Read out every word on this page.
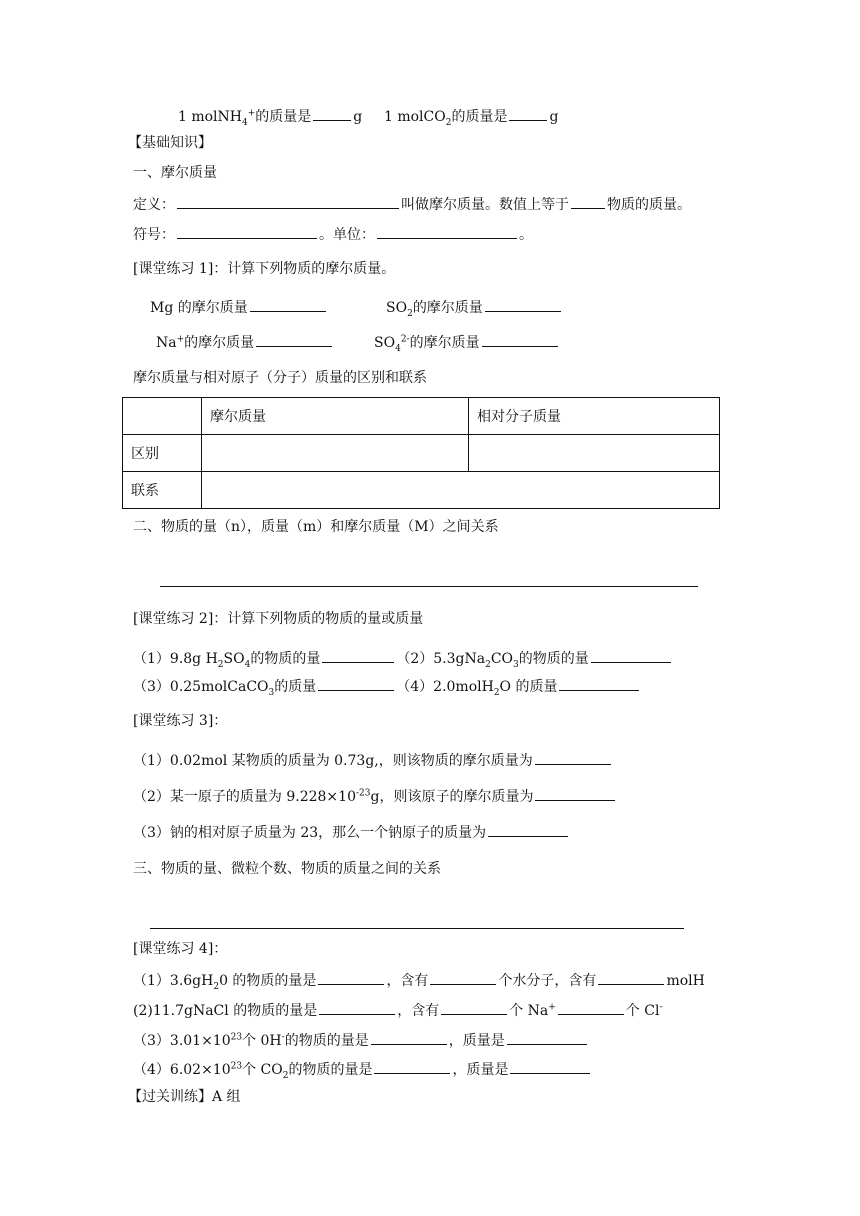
1 molNH$_4$+的质量是	g 1 molCO$_2$的质量是	g
【基础知识】
一、摩尔质量
定义：	叫做摩尔质量。数值上等于	物质的质量。
符号：	。单位：	。
[课堂练习 1]：计算下列物质的摩尔质量。
Mg 的摩尔质量	$SO_2$的摩尔质量
Na+的摩尔质量	$SO_4^{2-}$的摩尔质量
摩尔质量与相对原子（分子）质量的区别和联系
	摩尔质量	相对分子质量
区别		
联系		
二、物质的量（n），质量（m）和摩尔质量（M）之间关系
[课堂练习 2]：计算下列物质的物质的量或质量
（1）9.8g $H_2SO_4$的物质的量	$(2)5.3gNa_2CO_3$的物质的量
（3）0.25molCaCO$_3$的质量	（4）2.0molH$_2$O 的质量
[课堂练习 3]：
（1）0.02mol 某物质的质量为 0.73g,，则该物质的摩尔质量为
（2）某一原子的质量为 $9.228\times 10^{-23}g$，则该原子的摩尔质量为
（3）钠的相对原子质量为 23，那么一个钠原子的质量为
三、物质的量、微粒个数、物质的质量之间的关系
[课堂练习 4]：
$(1)3.6gH_20$ 的物质的量是	，含有	个水分子，含有	molH
(2)11.7gNaCl 的物质的量是	，含有	个 Na+	个 Cl-
$(3)3.01\times 10^{23}$个 0H-的物质的量是	，质量是
$(4)6.02\times 10^{23}$个 $CO_2$的物质的量是	，质量是
【过关训练】A 组
